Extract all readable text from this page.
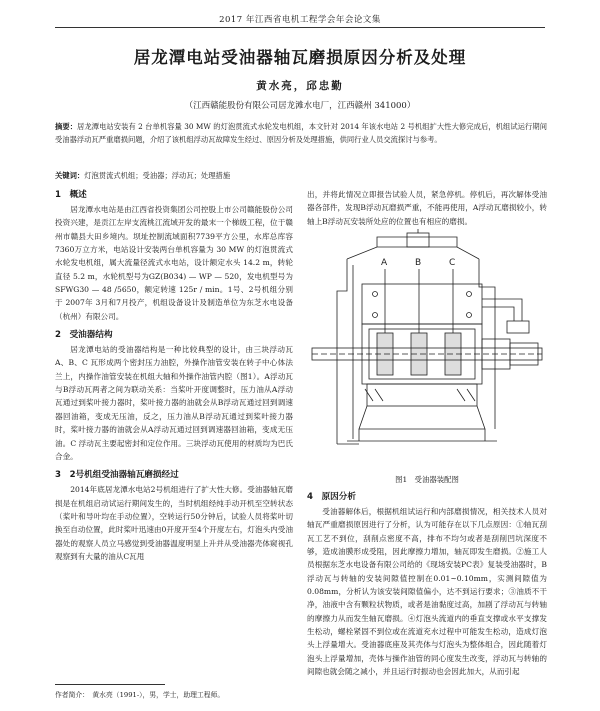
2017 年江西省电机工程学会年会论文集
居龙潭电站受油器轴瓦磨损原因分析及处理
黄水亮，邱忠勤
（江西赣能股份有限公司居龙滩水电厂，江西赣州 341000）
摘要：居龙潭电站安装有 2 台单机容量 30 MW 的灯泡贯流式水轮发电机组，本文针对 2014 年该水电站 2 号机组扩大性大修完成后，机组试运行期间受油器浮动瓦严重磨损问题，介绍了该机组浮动瓦故障发生经过、原因分析及处理措施，供同行业人员交流探讨与参考。
关键词：灯泡贯流式机组；受油器；浮动瓦；处理措施
1　概述

居龙潭水电站是由江西省投资集团公司控股上市公司赣能股份公司投资兴建，是贡江左岸支流桃江流域开发的最末一个梯级工程，位于赣州市赣县大田乡境内。坝址控制流域面积7739平方公里，水库总库容7360万立方米，电站设计安装两台单机容量为 30 MW 的灯泡贯流式水轮发电机组，属大流量径流式水电站，设计额定水头 14.2 m，转轮直径 5.2 m，水轮机型号为GZ(B034) — WP — 520，发电机型号为 SFWG30 — 48 /5650，额定转速 125r / min。1号、2号机组分别于 2007年 3月和7月投产，机组设备设计及制造单位为东芝水电设备（杭州）有限公司。

2　受油器结构

居龙潭电站的受油器结构是一种比较典型的设计，由三块浮动瓦A、B、C 瓦形成两个密封压力油腔，外操作油管安装在转子中心体法兰上，内操作油管安装在机组大轴和外操作油管内腔（图1）。A浮动瓦与B浮动瓦两者之间为联动关系：当桨叶开度调整时，压力油从A浮动瓦通过到桨叶接力器时，桨叶接力器的油就会从B浮动瓦通过回到调速器回油箱，变成无压油，反之，压力油从B浮动瓦通过到桨叶接力器时，桨叶接力器的油就会从A浮动瓦通过回到调速器回油箱，变成无压油。C 浮动瓦主要起密封和定位作用。三块浮动瓦使用的材质均为巴氏合金。

3　2号机组受油器轴瓦磨损经过

2014年底居龙潭水电站2号机组进行了扩大性大修。受油器轴瓦磨损是在机组启动试运行期间发生的，当时机组经纯手动开机至空转状态（桨叶和导叶均在手动位置），空转运行50分钟后，试验人员将桨叶切换至自动位置，此时桨叶迅速由0开度开至4个开度左右，灯泡头内受油器处的观察人员立马感觉到受油器温度明显上升并从受油器壳体窥视孔观察到有大量的油从C瓦甩

出，并将此情况立即报告试验人员，紧急停机。停机后，再次解体受油器各部件，发现B浮动瓦磨损严重，不能再使用，A浮动瓦磨损较小，转轴上B浮动瓦安装所处应的位置也有相应的磨损。

A	B	C
图1　受油器装配图
4　原因分析

受油器解体后，根据机组试运行和内部磨损情况，相关技术人员对轴瓦严重磨损原因进行了分析，认为可能存在以下几点原因：①轴瓦刮瓦工艺不到位，刮削点密度不高，排布不均匀或者是刮削凹坑深度不够，造成油膜形成受阻，因此摩擦力增加，轴瓦即发生磨损。②施工人员根据东芝水电设备有限公司给的《现场安装PC表》复装受油器时，B浮动瓦与转轴的安装间隙值控制在0.01~0.10mm，实测间隙值为 0.08mm，分析认为该安装间隙值偏小，达不到运行要求；③油质不干净，油液中含有颗粒状物质，或者是油黏度过高，加剧了浮动瓦与转轴的摩擦力从而发生轴瓦磨损。④灯泡头流道内的垂直支撑或水平支撑发生松动，螺栓紧固不到位或在流道充水过程中可能发生松动，造成灯泡头上浮量增大。受油器底座及其壳体与灯泡头为整体组合，因此随着灯泡头上浮量增加，壳体与操作油管的同心度发生改变，浮动瓦与转轴的间隙也就会随之减小，并且运行时振动也会因此加大，从而引起

作者简介：　黄水亮（1991-），男，学士，助理工程师。
